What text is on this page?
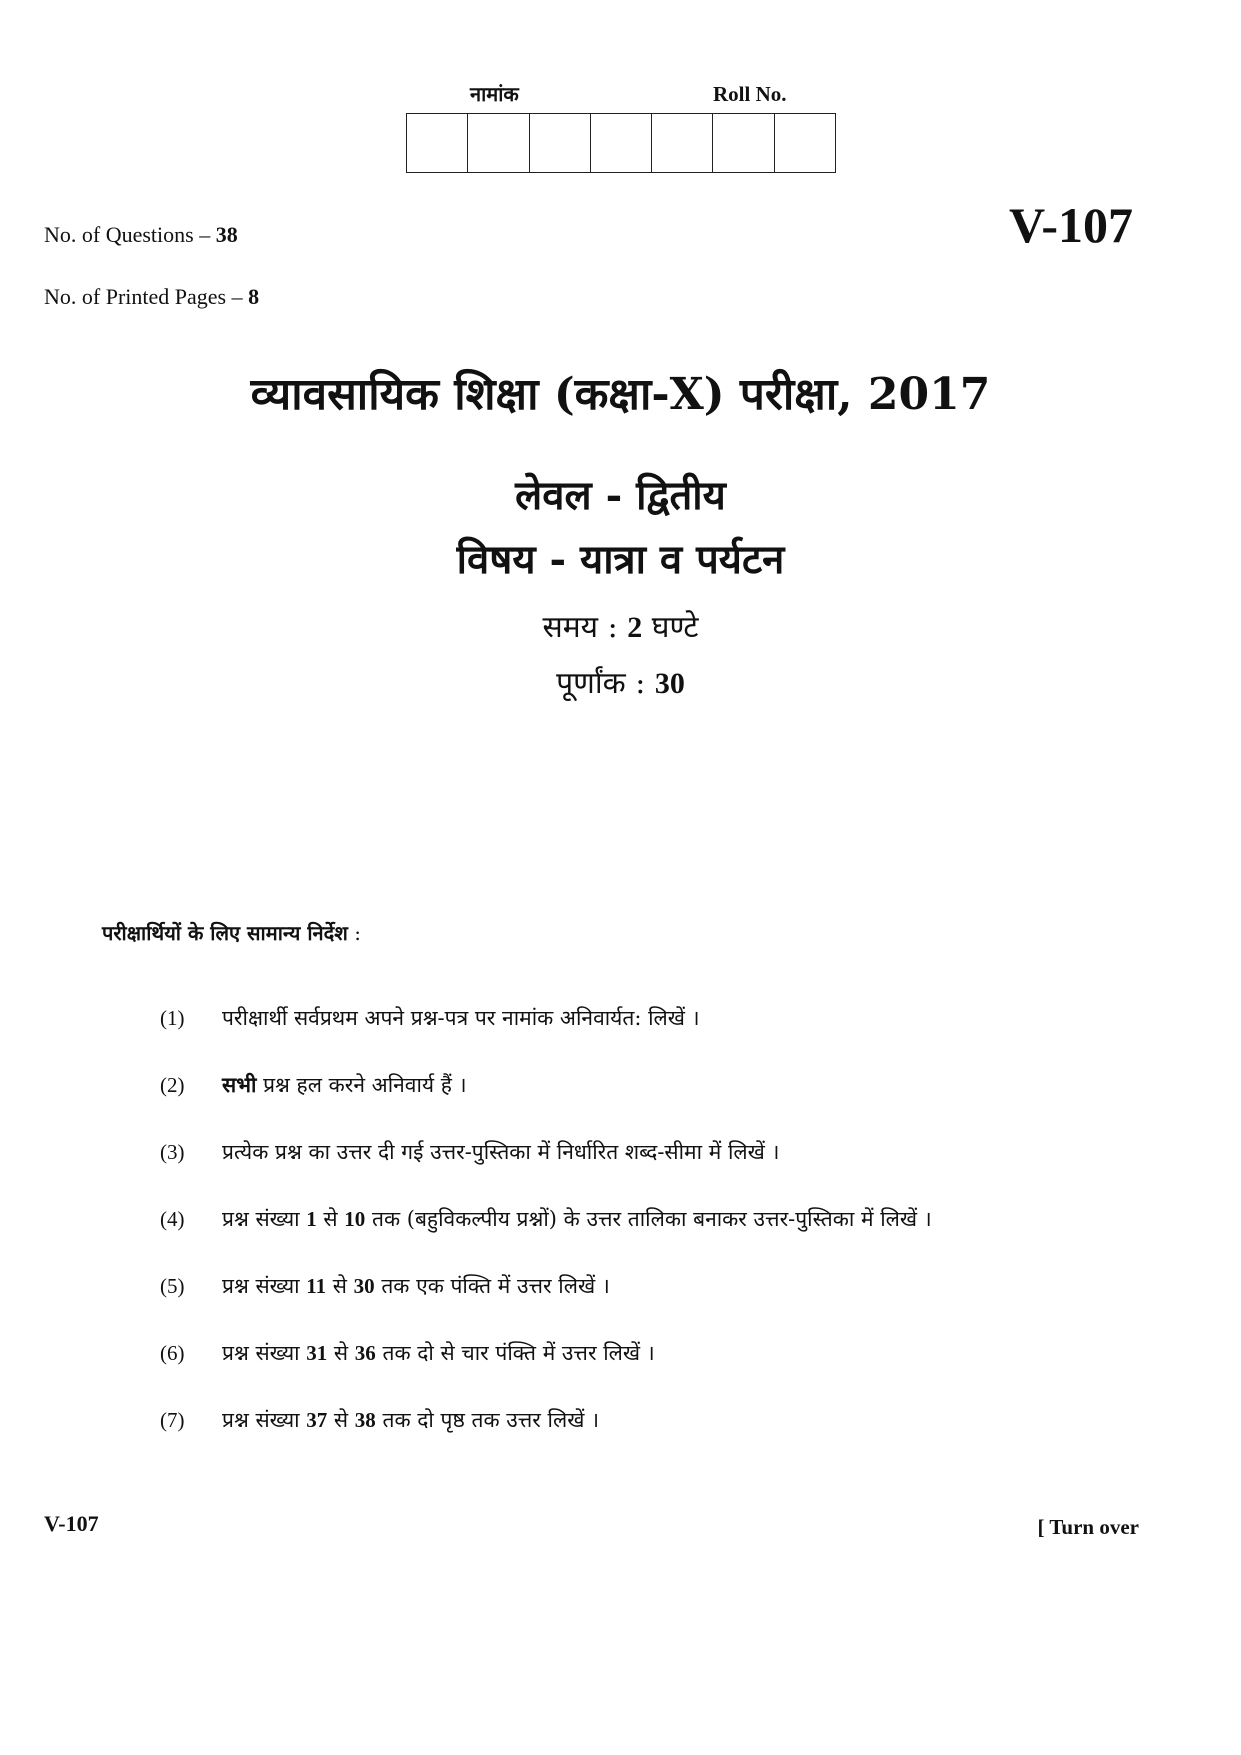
नामांक	Roll No.
No. of Questions – 38
No. of Printed Pages – 8
V-107
व्यावसायिक शिक्षा (कक्षा-X) परीक्षा, 2017
लेवल - द्वितीय
विषय - यात्रा व पर्यटन
समय : 2 घण्टे
पूर्णांक : 30
परीक्षार्थियों के लिए सामान्य निर्देश :
(1) परीक्षार्थी सर्वप्रथम अपने प्रश्न-पत्र पर नामांक अनिवार्यत: लिखें ।
(2) सभी प्रश्न हल करने अनिवार्य हैं ।
(3) प्रत्येक प्रश्न का उत्तर दी गई उत्तर-पुस्तिका में निर्धारित शब्द-सीमा में लिखें ।
(4) प्रश्न संख्या 1 से 10 तक (बहुविकल्पीय प्रश्नों) के उत्तर तालिका बनाकर उत्तर-पुस्तिका में लिखें ।
(5) प्रश्न संख्या 11 से 30 तक एक पंक्ति में उत्तर लिखें ।
(6) प्रश्न संख्या 31 से 36 तक दो से चार पंक्ति में उत्तर लिखें ।
(7) प्रश्न संख्या 37 से 38 तक दो पृष्ठ तक उत्तर लिखें ।
V-107	[ Turn over
